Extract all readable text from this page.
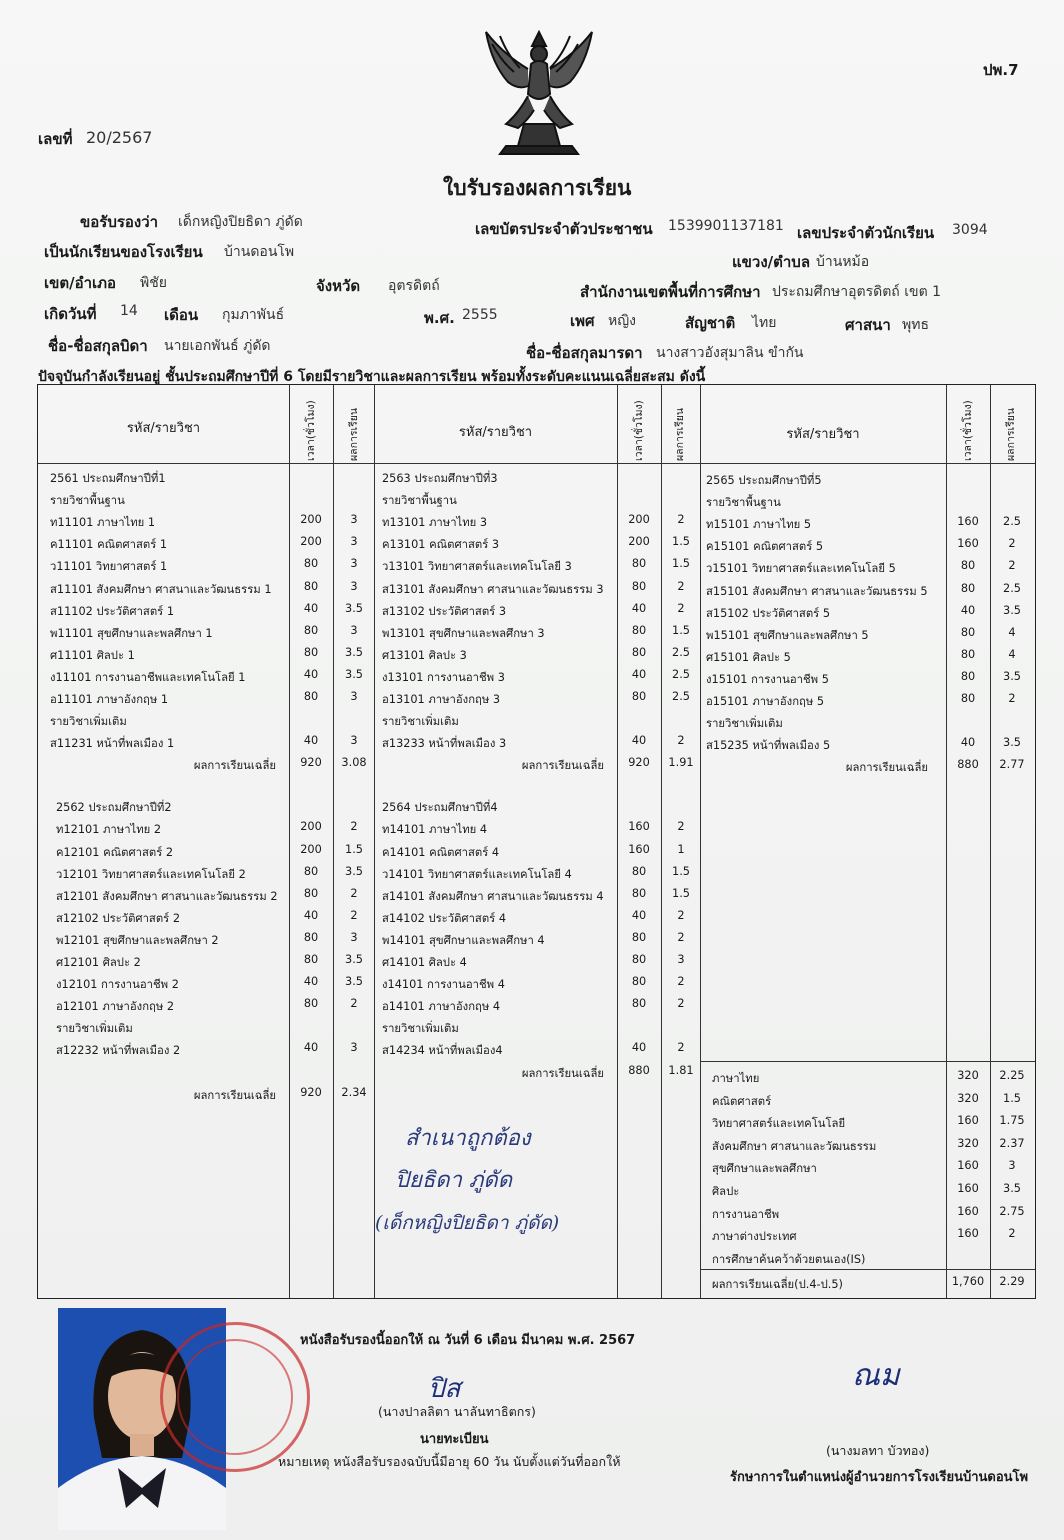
ปพ.7
เลขที่ 20/2567
ใบรับรองผลการเรียน
ขอรับรองว่า เด็กหญิงปิยธิดา ภู่ดัด	เลขบัตรประจำตัวประชาชน 1539901137181 เลขประจำตัวนักเรียน 3094
เป็นนักเรียนของโรงเรียน บ้านดอนโพ
แขวง/ตำบล บ้านหม้อ
เขต/อำเภอ พิชัย	จังหวัด อุตรดิตถ์	สำนักงานเขตพื้นที่การศึกษา ประถมศึกษาอุตรดิตถ์ เขต 1
เกิดวันที่ 14 เดือน กุมภาพันธ์	พ.ศ. 2555	เพศ หญิง	สัญชาติ ไทย	ศาสนา พุทธ
ชื่อ-ชื่อสกุลบิดา นายเอกพันธ์ ภู่ดัด	ชื่อ-ชื่อสกุลมารดา นางสาวอังสุมาลิน ขำกัน
ปัจจุบันกำลังเรียนอยู่ ชั้นประถมศึกษาปีที่ 6 โดยมีรายวิชาและผลการเรียน พร้อมทั้งระดับคะแนนเฉลี่ยสะสม ดังนี้
รหัส/รายวิชา	เวลา(ชั่วโมง)	ผลการเรียน	รหัส/รายวิชา	เวลา(ชั่วโมง)	ผลการเรียน	รหัส/รายวิชา	เวลา(ชั่วโมง)	ผลการเรียน
2561 ประถมศึกษาปีที่1
รายวิชาพื้นฐาน
ท11101 ภาษาไทย 1	200	3
ค11101 คณิตศาสตร์ 1	200	3
ว11101 วิทยาศาสตร์ 1	80	3
ส11101 สังคมศึกษา ศาสนาและวัฒนธรรม 1	80	3
ส11102 ประวัติศาสตร์ 1	40	3.5
พ11101 สุขศึกษาและพลศึกษา 1	80	3
ศ11101 ศิลปะ 1	80	3.5
ง11101 การงานอาชีพและเทคโนโลยี 1	40	3.5
อ11101 ภาษาอังกฤษ 1	80	3
รายวิชาเพิ่มเติม
ส11231 หน้าที่พลเมือง 1	40	3
ผลการเรียนเฉลี่ย	920	3.08
2562 ประถมศึกษาปีที่2
ท12101 ภาษาไทย 2	200	2
ค12101 คณิตศาสตร์ 2	200	1.5
ว12101 วิทยาศาสตร์และเทคโนโลยี 2	80	3.5
ส12101 สังคมศึกษา ศาสนาและวัฒนธรรม 2	80	2
ส12102 ประวัติศาสตร์ 2	40	2
พ12101 สุขศึกษาและพลศึกษา 2	80	3
ศ12101 ศิลปะ 2	80	3.5
ง12101 การงานอาชีพ 2	40	3.5
อ12101 ภาษาอังกฤษ 2	80	2
รายวิชาเพิ่มเติม
ส12232 หน้าที่พลเมือง 2	40	3
ผลการเรียนเฉลี่ย	920	2.34
2563 ประถมศึกษาปีที่3
รายวิชาพื้นฐาน
ท13101 ภาษาไทย 3	200	2
ค13101 คณิตศาสตร์ 3	200	1.5
ว13101 วิทยาศาสตร์และเทคโนโลยี 3	80	1.5
ส13101 สังคมศึกษา ศาสนาและวัฒนธรรม 3	80	2
ส13102 ประวัติศาสตร์ 3	40	2
พ13101 สุขศึกษาและพลศึกษา 3	80	1.5
ศ13101 ศิลปะ 3	80	2.5
ง13101 การงานอาชีพ 3	40	2.5
อ13101 ภาษาอังกฤษ 3	80	2.5
รายวิชาเพิ่มเติม
ส13233 หน้าที่พลเมือง 3	40	2
ผลการเรียนเฉลี่ย	920	1.91
2564 ประถมศึกษาปีที่4
ท14101 ภาษาไทย 4	160	2
ค14101 คณิตศาสตร์ 4	160	1
ว14101 วิทยาศาสตร์และเทคโนโลยี 4	80	1.5
ส14101 สังคมศึกษา ศาสนาและวัฒนธรรม 4	80	1.5
ส14102 ประวัติศาสตร์ 4	40	2
พ14101 สุขศึกษาและพลศึกษา 4	80	2
ศ14101 ศิลปะ 4	80	3
ง14101 การงานอาชีพ 4	80	2
อ14101 ภาษาอังกฤษ 4	80	2
รายวิชาเพิ่มเติม
ส14234 หน้าที่พลเมือง4	40	2
ผลการเรียนเฉลี่ย	880	1.81
2565 ประถมศึกษาปีที่5
รายวิชาพื้นฐาน
ท15101 ภาษาไทย 5	160	2.5
ค15101 คณิตศาสตร์ 5	160	2
ว15101 วิทยาศาสตร์และเทคโนโลยี 5	80	2
ส15101 สังคมศึกษา ศาสนาและวัฒนธรรม 5	80	2.5
ส15102 ประวัติศาสตร์ 5	40	3.5
พ15101 สุขศึกษาและพลศึกษา 5	80	4
ศ15101 ศิลปะ 5	80	4
ง15101 การงานอาชีพ 5	80	3.5
อ15101 ภาษาอังกฤษ 5	80	2
รายวิชาเพิ่มเติม
ส15235 หน้าที่พลเมือง 5	40	3.5
ผลการเรียนเฉลี่ย	880	2.77
ภาษาไทย	320	2.25
คณิตศาสตร์	320	1.5
วิทยาศาสตร์และเทคโนโลยี	160	1.75
สังคมศึกษา ศาสนาและวัฒนธรรม	320	2.37
สุขศึกษาและพลศึกษา	160	3
ศิลปะ	160	3.5
การงานอาชีพ	160	2.75
ภาษาต่างประเทศ	160	2
การศึกษาค้นคว้าด้วยตนเอง(IS)
ผลการเรียนเฉลี่ย(ป.4-ป.5)	1,760	2.29
สำเนาถูกต้อง
ปิยธิดา ภู่ดัด
(เด็กหญิงปิยธิดา ภู่ดัด)
หนังสือรับรองนี้ออกให้ ณ วันที่ 6 เดือน มีนาคม พ.ศ. 2567
ปิส
(นางปาลลิตา นาลันทาธิตกร)
นายทะเบียน
หมายเหตุ หนังสือรับรองฉบับนี้มีอายุ 60 วัน นับตั้งแต่วันที่ออกให้
ณม
(นางมลทา บัวทอง)
รักษาการในตำแหน่งผู้อำนวยการโรงเรียนบ้านดอนโพ
